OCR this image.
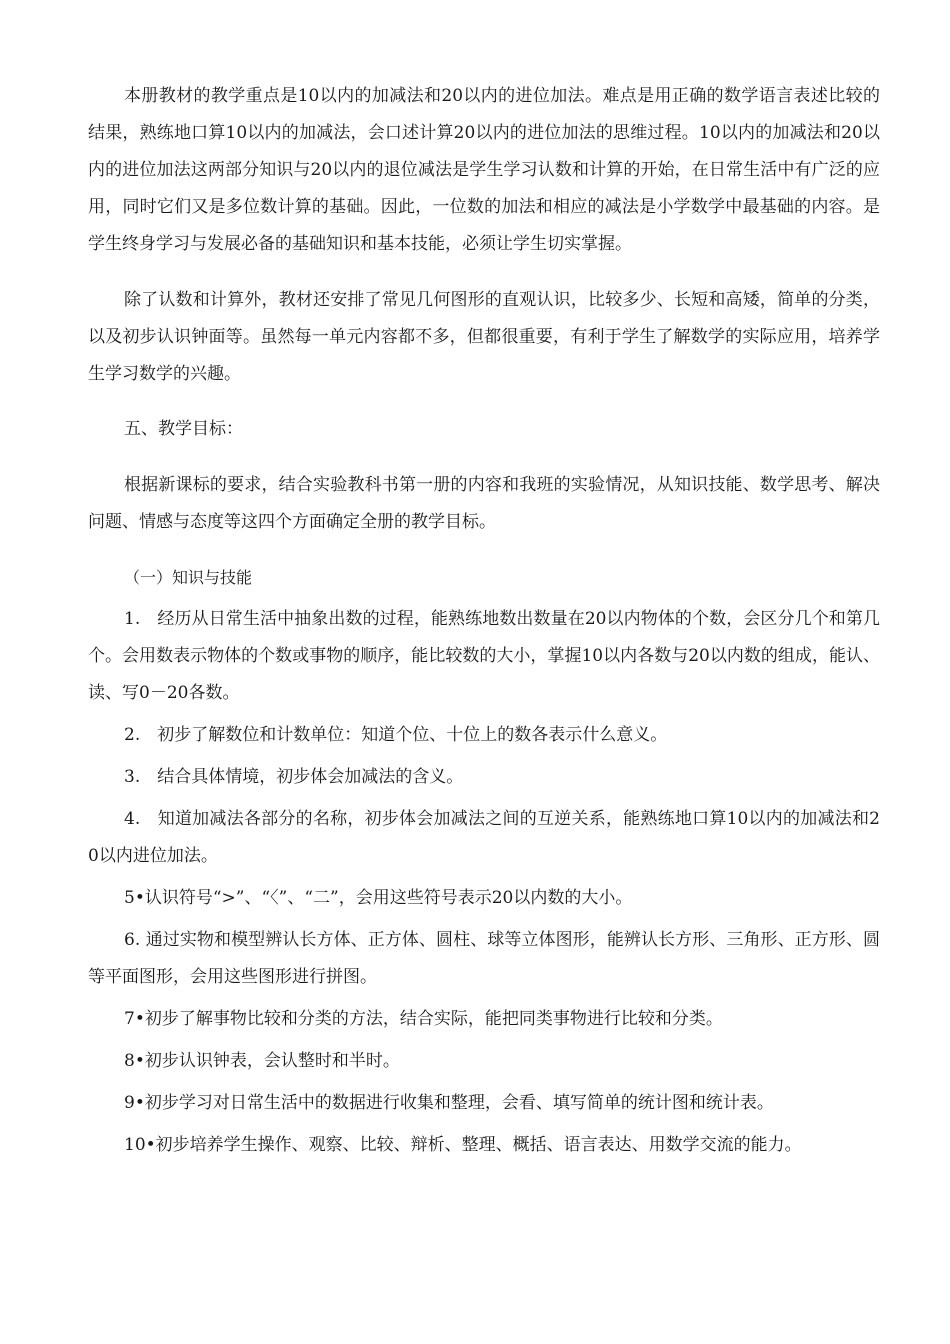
本册教材的教学重点是10以内的加减法和20以内的进位加法。难点是用正确的数学语言表述比较的结果，熟练地口算10以内的加减法，会口述计算20以内的进位加法的思维过程。10以内的加减法和20以内的进位加法这两部分知识与20以内的退位减法是学生学习认数和计算的开始，在日常生活中有广泛的应用，同时它们又是多位数计算的基础。因此，一位数的加法和相应的减法是小学数学中最基础的内容。是学生终身学习与发展必备的基础知识和基本技能，必须让学生切实掌握。

除了认数和计算外，教材还安排了常见几何图形的直观认识，比较多少、长短和高矮，简单的分类，以及初步认识钟面等。虽然每一单元内容都不多，但都很重要，有利于学生了解数学的实际应用，培养学生学习数学的兴趣。

五、教学目标：

根据新课标的要求，结合实验教科书第一册的内容和我班的实验情况，从知识技能、数学思考、解决问题、情感与态度等这四个方面确定全册的教学目标。

（一）知识与技能

1.　经历从日常生活中抽象出数的过程，能熟练地数出数量在20以内物体的个数，会区分几个和第几个。会用数表示物体的个数或事物的顺序，能比较数的大小，掌握10以内各数与20以内数的组成，能认、读、写0－20各数。

2.　初步了解数位和计数单位：知道个位、十位上的数各表示什么意义。

3.　结合具体情境，初步体会加减法的含义。

4.　知道加减法各部分的名称，初步体会加减法之间的互逆关系，能熟练地口算10以内的加减法和20以内进位加法。

5•认识符号“>”、“〈”、“二”，会用这些符号表示20以内数的大小。

6. 通过实物和模型辨认长方体、正方体、圆柱、球等立体图形，能辨认长方形、三角形、正方形、圆等平面图形，会用这些图形进行拼图。

7•初步了解事物比较和分类的方法，结合实际，能把同类事物进行比较和分类。

8•初步认识钟表，会认整时和半时。

9•初步学习对日常生活中的数据进行收集和整理，会看、填写简单的统计图和统计表。

10•初步培养学生操作、观察、比较、辩析、整理、概括、语言表达、用数学交流的能力。
